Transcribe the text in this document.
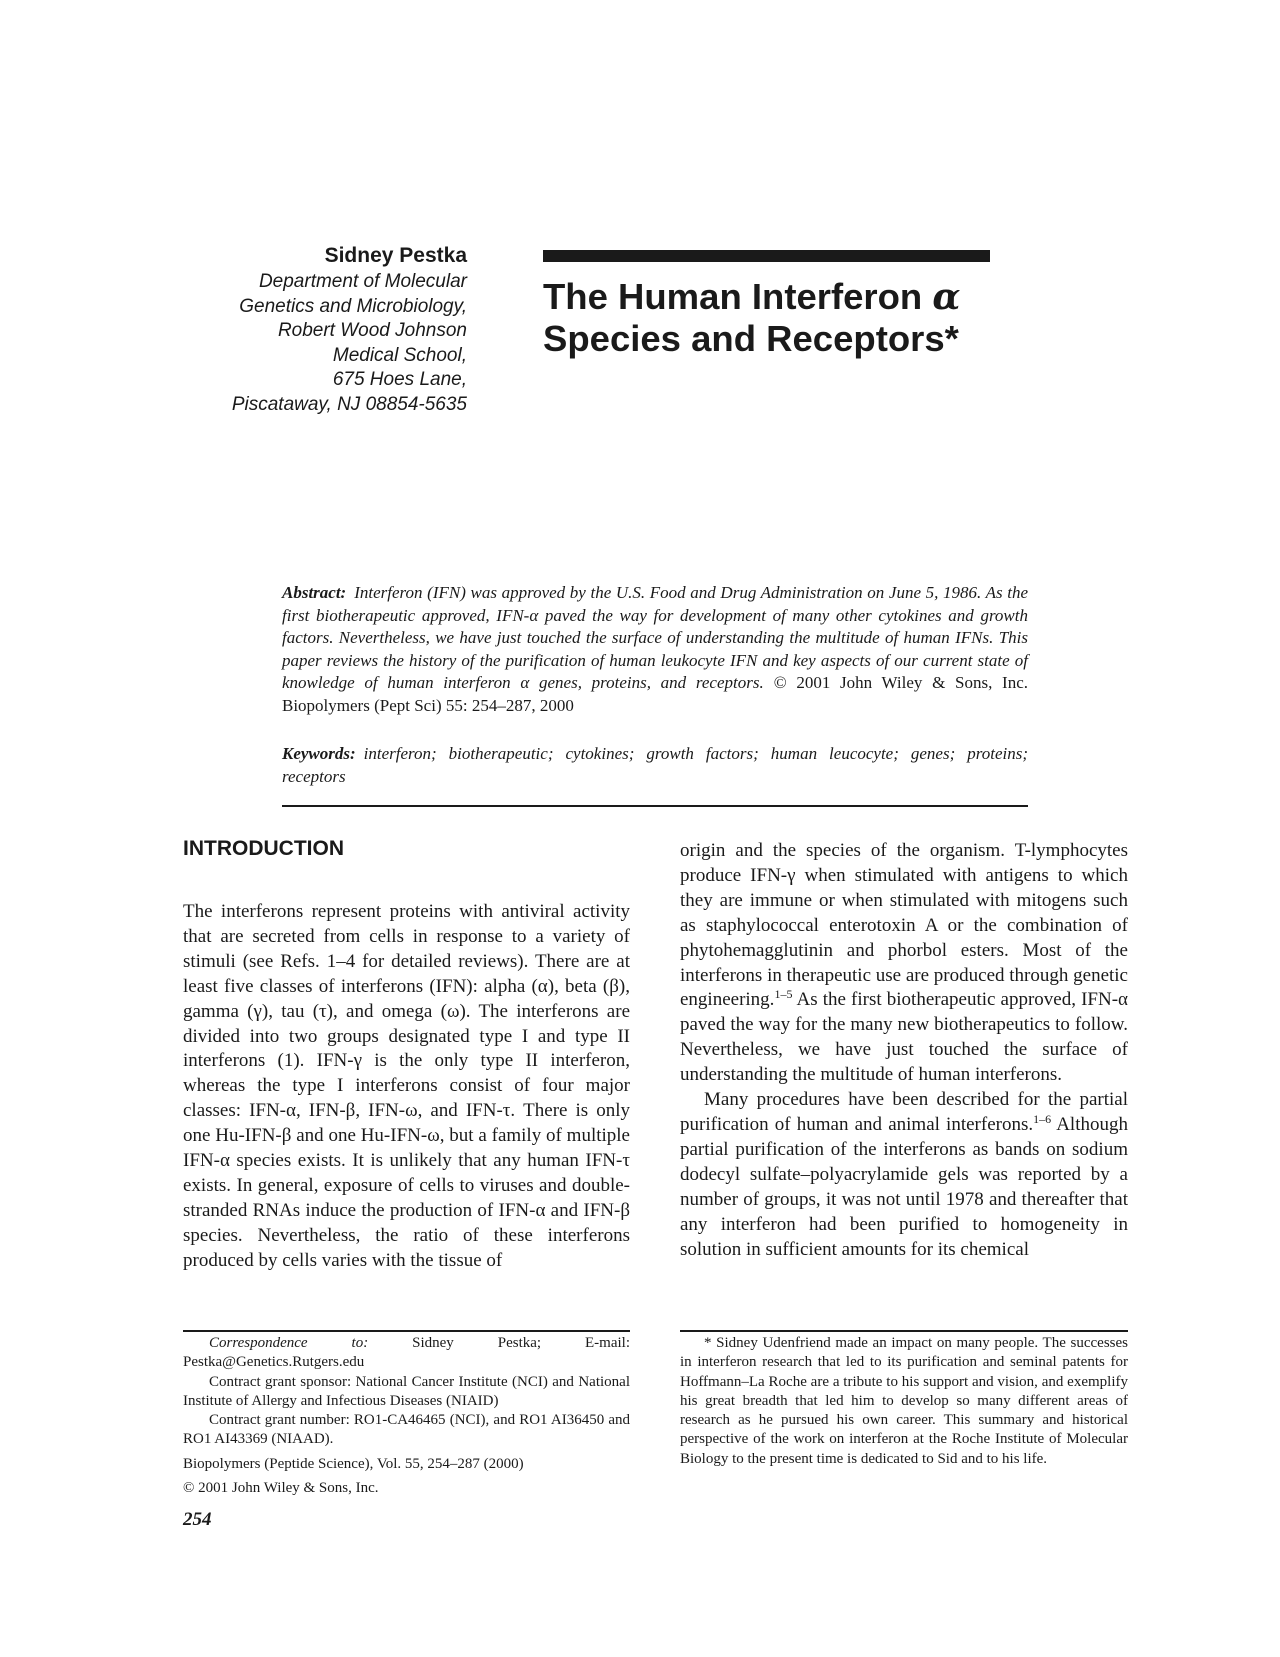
Sidney Pestka
Department of Molecular
Genetics and Microbiology,
Robert Wood Johnson
Medical School,
675 Hoes Lane,
Piscataway, NJ 08854-5635
The Human Interferon α
Species and Receptors*
Abstract: Interferon (IFN) was approved by the U.S. Food and Drug Administration on June 5, 1986. As the first biotherapeutic approved, IFN-α paved the way for development of many other cytokines and growth factors. Nevertheless, we have just touched the surface of understanding the multitude of human IFNs. This paper reviews the history of the purification of human leukocyte IFN and key aspects of our current state of knowledge of human interferon α genes, proteins, and receptors. © 2001 John Wiley & Sons, Inc. Biopolymers (Pept Sci) 55: 254–287, 2000
Keywords: interferon; biotherapeutic; cytokines; growth factors; human leucocyte; genes; proteins; receptors
INTRODUCTION

The interferons represent proteins with antiviral activity that are secreted from cells in response to a variety of stimuli (see Refs. 1–4 for detailed reviews). There are at least five classes of interferons (IFN): alpha (α), beta (β), gamma (γ), tau (τ), and omega (ω). The interferons are divided into two groups designated type I and type II interferons (1). IFN-γ is the only type II interferon, whereas the type I interferons consist of four major classes: IFN-α, IFN-β, IFN-ω, and IFN-τ. There is only one Hu-IFN-β and one Hu-IFN-ω, but a family of multiple IFN-α species exists. It is unlikely that any human IFN-τ exists. In general, exposure of cells to viruses and double-stranded RNAs induce the production of IFN-α and IFN-β species. Nevertheless, the ratio of these interferons produced by cells varies with the tissue of

origin and the species of the organism. T-lymphocytes produce IFN-γ when stimulated with antigens to which they are immune or when stimulated with mitogens such as staphylococcal enterotoxin A or the combination of phytohemagglutinin and phorbol esters. Most of the interferons in therapeutic use are produced through genetic engineering.$^{1-5}$ As the first biotherapeutic approved, IFN-α paved the way for the many new biotherapeutics to follow. Nevertheless, we have just touched the surface of understanding the multitude of human interferons.

Many procedures have been described for the partial purification of human and animal interferons.$^{1-6}$ Although partial purification of the interferons as bands on sodium dodecyl sulfate–polyacrylamide gels was reported by a number of groups, it was not until 1978 and thereafter that any interferon had been purified to homogeneity in solution in sufficient amounts for its chemical

Correspondence to: Sidney Pestka; E-mail: Pestka@Genetics.Rutgers.edu

Contract grant sponsor: National Cancer Institute (NCI) and National Institute of Allergy and Infectious Diseases (NIAID)

Contract grant number: RO1-CA46465 (NCI), and RO1 AI36450 and RO1 AI43369 (NIAAD).

Biopolymers (Peptide Science), Vol. 55, 254–287 (2000)

© 2001 John Wiley & Sons, Inc.

* Sidney Udenfriend made an impact on many people. The successes in interferon research that led to its purification and seminal patents for Hoffmann–La Roche are a tribute to his support and vision, and exemplify his great breadth that led him to develop so many different areas of research as he pursued his own career. This summary and historical perspective of the work on interferon at the Roche Institute of Molecular Biology to the present time is dedicated to Sid and to his life.

254
